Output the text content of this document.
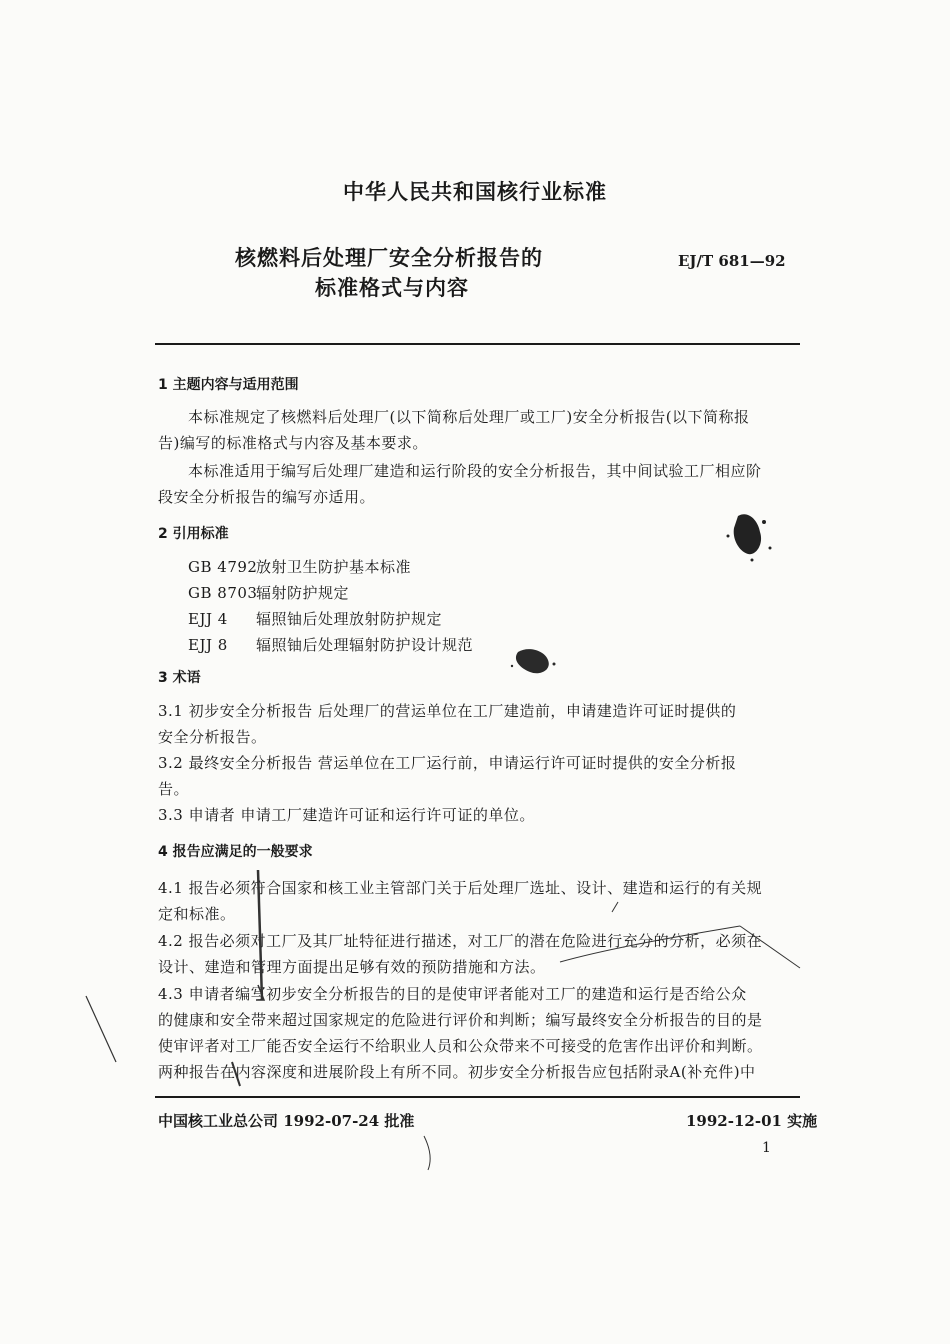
中华人民共和国核行业标准
核燃料后处理厂安全分析报告的
标准格式与内容
EJ/T 681—92
1 主题内容与适用范围
本标准规定了核燃料后处理厂(以下简称后处理厂或工厂)安全分析报告(以下简称报
告)编写的标准格式与内容及基本要求。
本标准适用于编写后处理厂建造和运行阶段的安全分析报告，其中间试验工厂相应阶
段安全分析报告的编写亦适用。
2 引用标准
GB 4792放射卫生防护基本标准
GB 8703辐射防护规定
EJJ 4 辐照铀后处理放射防护规定
EJJ 8 辐照铀后处理辐射防护设计规范
3 术语
3.1 初步安全分析报告 后处理厂的营运单位在工厂建造前，申请建造许可证时提供的
安全分析报告。
3.2 最终安全分析报告 营运单位在工厂运行前，申请运行许可证时提供的安全分析报
告。
3.3 申请者 申请工厂建造许可证和运行许可证的单位。
4 报告应满足的一般要求
4.1 报告必须符合国家和核工业主管部门关于后处理厂选址、设计、建造和运行的有关规
定和标准。
4.2 报告必须对工厂及其厂址特征进行描述，对工厂的潜在危险进行充分的分析，必须在
设计、建造和管理方面提出足够有效的预防措施和方法。
4.3 申请者编写初步安全分析报告的目的是使审评者能对工厂的建造和运行是否给公众
的健康和安全带来超过国家规定的危险进行评价和判断；编写最终安全分析报告的目的是
使审评者对工厂能否安全运行不给职业人员和公众带来不可接受的危害作出评价和判断。
两种报告在内容深度和进展阶段上有所不同。初步安全分析报告应包括附录A(补充件)中
中国核工业总公司 1992-07-24 批准	1992-12-01 实施
1
